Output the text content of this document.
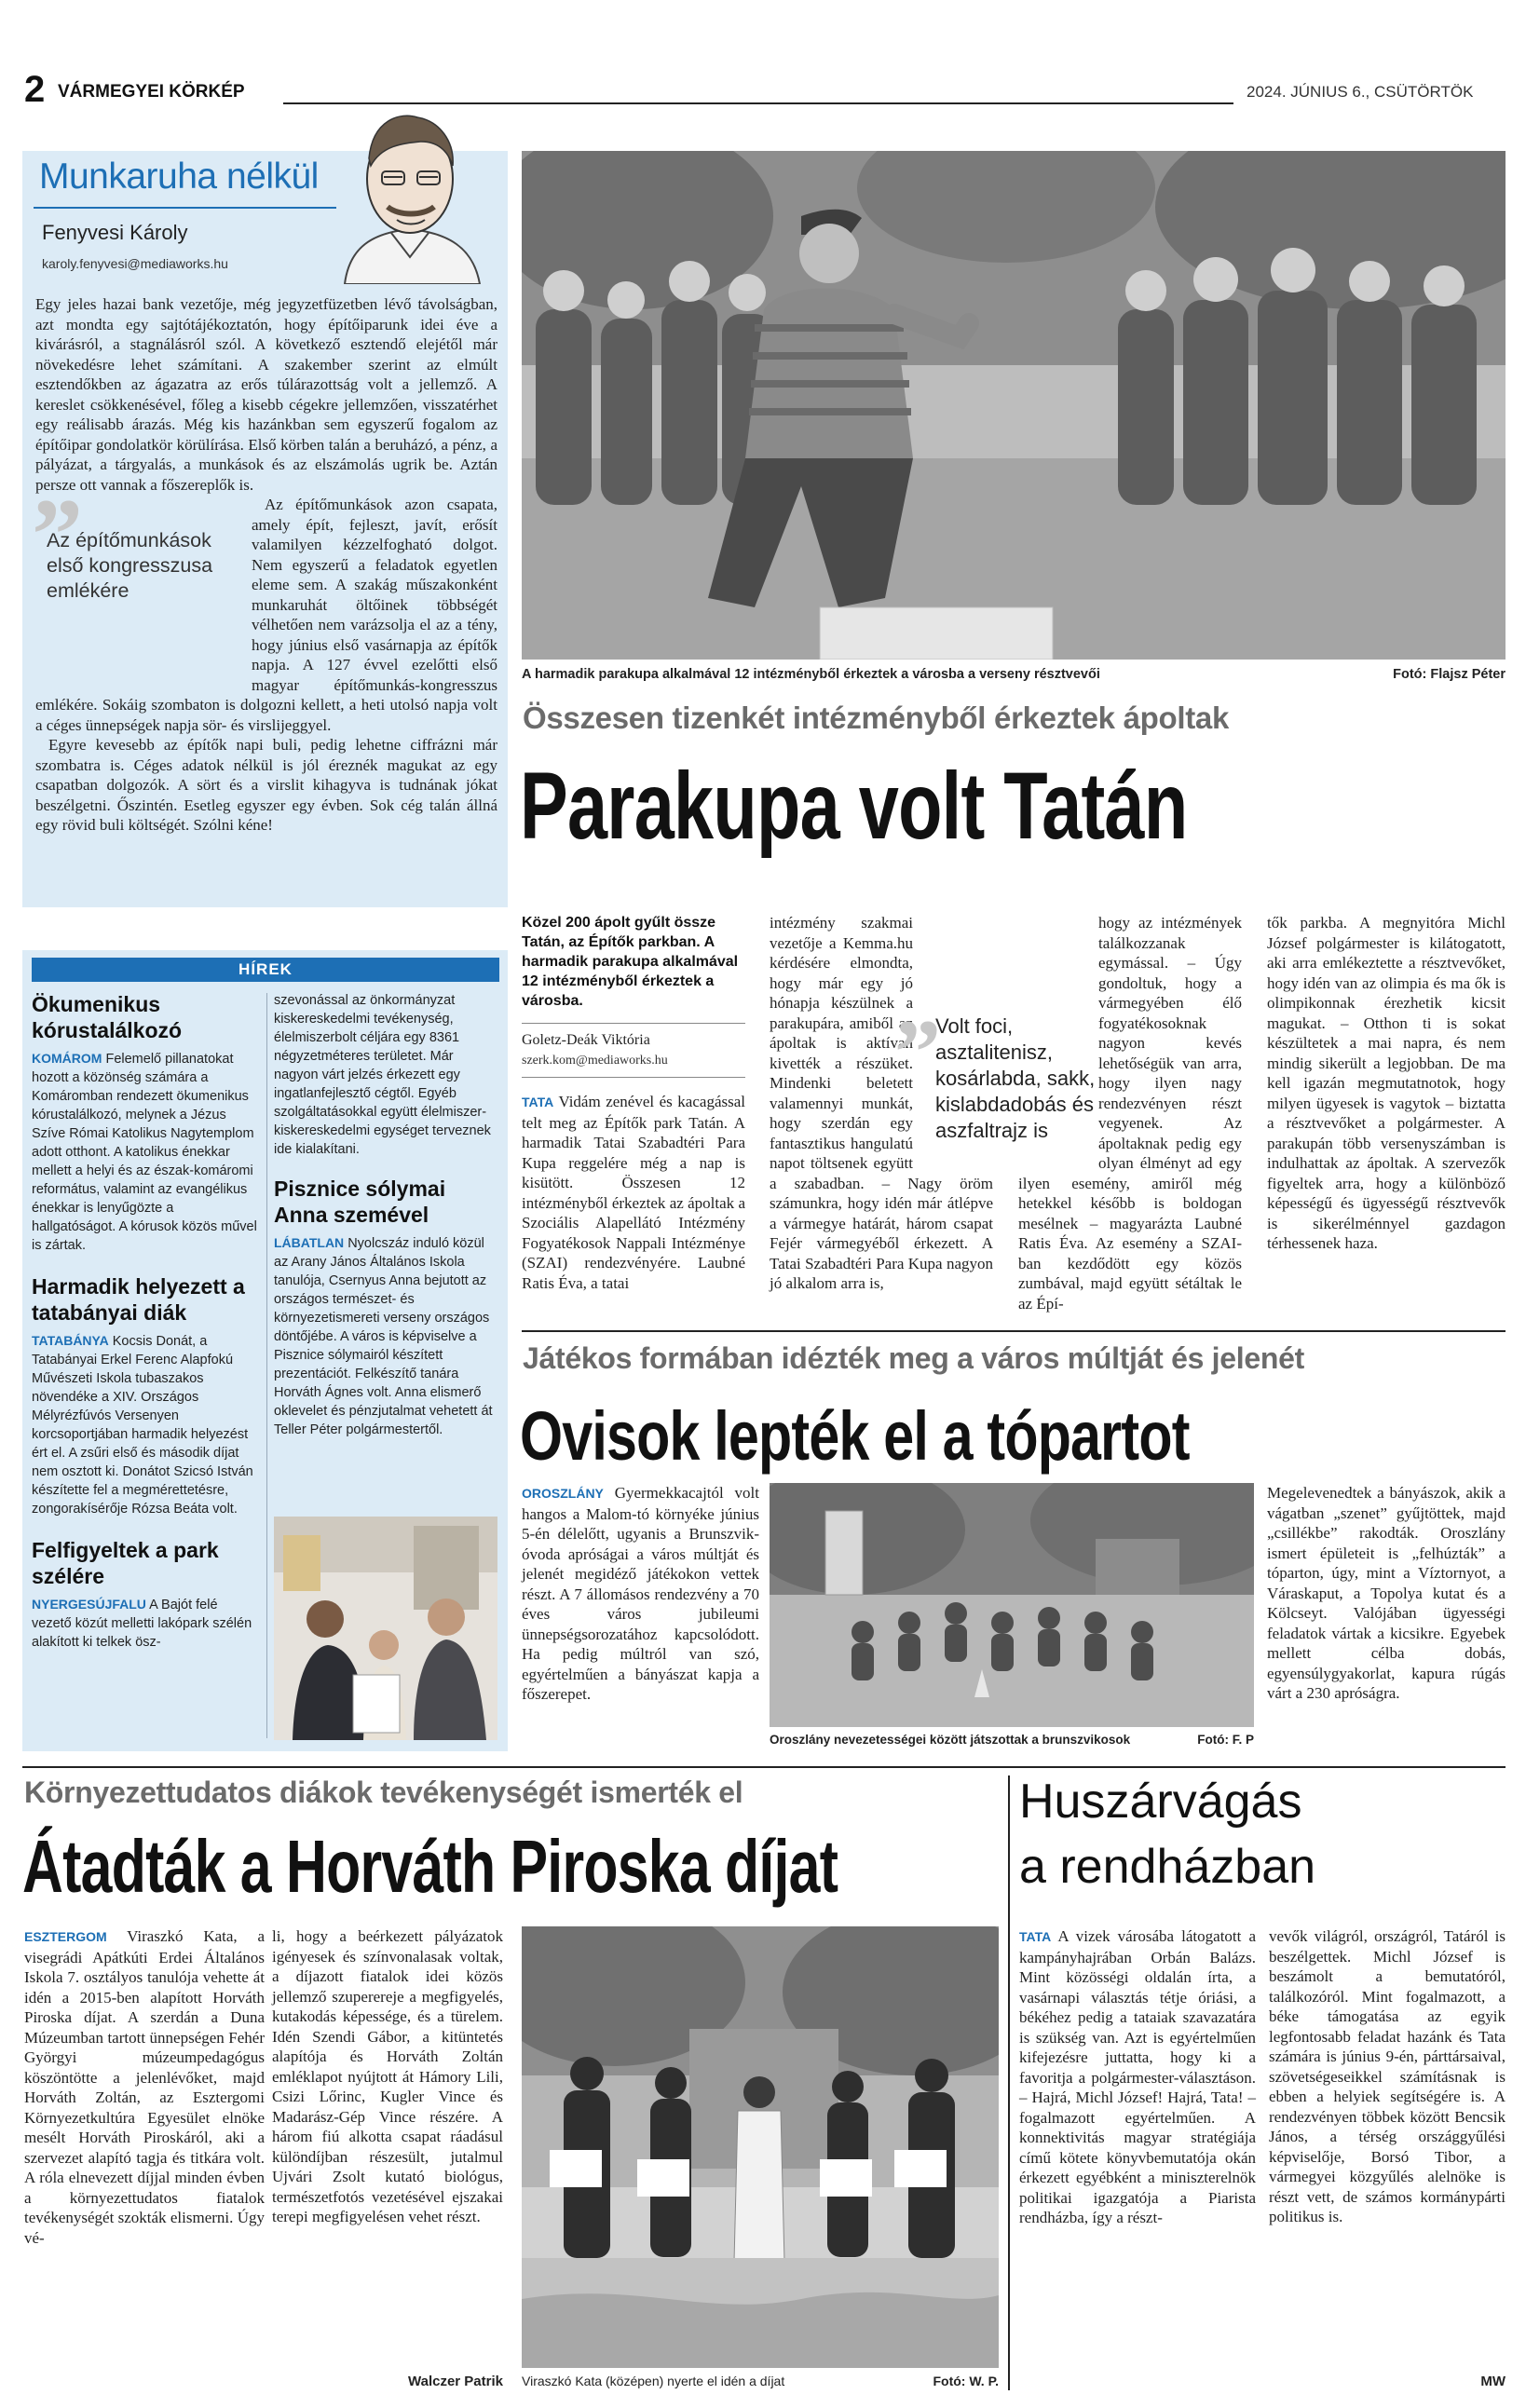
2 VÁRMEGYEI KÖRKÉP	2024. JÚNIUS 6., CSÜTÖRTÖK
Munkaruha nélkül
Fenyvesi Károly
karoly.fenyvesi@mediaworks.hu

Egy jeles hazai bank vezetője, még jegyzetfüzetben lévő távolságban, azt mondta egy sajtótájékoztatón, hogy építőiparunk idei éve a kivárásról, a stagnálásról szól. A következő esztendő elejétől már növekedésre lehet számítani. A szakember szerint az elmúlt esztendőkben az ágazatra az erős túlárazottság volt a jellemző. A kereslet csökkenésével, főleg a kisebb cégekre jellemzően, visszatérhet egy reálisabb árazás. Még kis hazánkban sem egyszerű fogalom az építőipar gondolatkör körülírása. Első körben talán a beruházó, a pénz, a pályázat, a tárgyalás, a munkások és az elszámolás ugrik be. Aztán persze ott vannak a főszereplők is.

”
Az építőmunkások első kongresszusa emlékére

Az építőmunkások azon csapata, amely épít, fejleszt, javít, erősít valamilyen kézzelfogható dolgot. Nem egyszerű a feladatok egyetlen eleme sem. A szakág műszakonként munkaruhát öltőinek többségét vélhetően nem varázsolja el az a tény, hogy június első vasárnapja az építők napja. A 127 évvel ezelőtti első magyar építőmunkás-kongresszus emlékére. Sokáig szombaton is dolgozni kellett, a heti utolsó napja volt a céges ünnepségek napja sör- és virslijeggyel.

Egyre kevesebb az építők napi buli, pedig lehetne ciffrázni már szombatra is. Céges adatok nélkül is jól éreznék magukat az egy csapatban dolgozók. A sört és a virslit kihagyva is tudnának jókat beszélgetni. Őszintén. Esetleg egyszer egy évben. Sok cég talán állná egy rövid buli költségét. Szólni kéne!

HÍREK
Ökumenikus kórustalálkozó
KOMÁROM Felemelő pillanatokat hozott a közönség számára a Komáromban rendezett ökumenikus kórustalálkozó, melynek a Jézus Szíve Római Katolikus Nagytemplom adott otthont. A katolikus énekkar mellett a helyi és az észak-komáromi református, valamint az evangélikus énekkar is lenyűgözte a hallgatóságot. A kórusok közös művel is zártak.
Harmadik helyezett a tatabányai diák
TATABÁNYA Kocsis Donát, a Tatabányai Erkel Ferenc Alapfokú Művészeti Iskola tubaszakos növendéke a XIV. Országos Mélyrézfúvós Versenyen korcsoportjában harmadik helyezést ért el. A zsűri első és második díjat nem osztott ki. Donátot Szicsó István készítette fel a megmérettetésre, zongorakísérője Rózsa Beáta volt.
Felfigyeltek a park szélére
NYERGESÚJFALU A Bajót felé vezető közút melletti lakópark szélén alakított ki telkek ösz-
szevonással az önkormányzat kiskereskedelmi tevékenység, élelmiszerbolt céljára egy 8361 négyzetméteres területet. Már nagyon várt jelzés érkezett egy ingatlanfejlesztő cégtől. Egyéb szolgáltatásokkal együtt élelmiszer-kiskereskedelmi egységet terveznek ide kialakítani.
Pisznice sólymai Anna szemével
LÁBATLAN Nyolcszáz induló közül az Arany János Általános Iskola tanulója, Csernyus Anna bejutott az országos természet- és környezetismereti verseny országos döntőjébe. A város is képviselve a Pisznice sólymairól készített prezentációt. Felkészítő tanára Horváth Ágnes volt. Anna elismerő oklevelet és pénzjutalmat vehetett át Teller Péter polgármestertől.
A harmadik parakupa alkalmával 12 intézményből érkeztek a városba a verseny résztvevői	Fotó: Flajsz Péter
Összesen tizenkét intézményből érkeztek ápoltak
Parakupa volt Tatán
Közel 200 ápolt gyűlt össze Tatán, az Építők parkban. A harmadik parakupa alkalmával 12 intézményből érkeztek a városba.
Goletz-Deák Viktória
szerk.kom@mediaworks.hu
TATA Vidám zenével és kacagással telt meg az Építők park Tatán. A harmadik Tatai Szabadtéri Para Kupa reggelére még a nap is kisütött. Összesen 12 intézményből érkeztek az ápoltak a Szociális Alapellátó Intézmény Fogyatékosok Nappali Intézménye (SZAI) rendezvényére. Laubné Ratis Éva, a tatai
intézmény szakmai vezetője a Kemma.hu kérdésére elmondta, hogy már egy jó hónapja készülnek a parakupára, amiből az ápoltak is aktívan kivették a részüket. Mindenki beletett valamennyi munkát, hogy szerdán egy fantasztikus hangulatú napot töltsenek együtt a szabadban. – Nagy öröm számunkra, hogy idén már átlépve a vármegye határát, három csapat Fejér vármegyéből érkezett. A Tatai Szabadtéri Para Kupa nagyon jó alkalom arra is,
hogy az intézmények találkozzanak egymással. – Úgy gondoltuk, hogy a vármegyében élő fogyatékosoknak nagyon kevés lehetőségük van arra, hogy ilyen nagy rendezvényen részt vegyenek. Az ápoltaknak pedig egy olyan élményt ad egy ilyen esemény, amiről még hetekkel később is boldogan mesélnek – magyarázta Laubné Ratis Éva. Az esemény a SZAI-ban kezdődött egy közös zumbával, majd együtt sétáltak le az Épí-
tők parkba. A megnyitóra Michl József polgármester is kilátogatott, aki arra emlékeztette a résztvevőket, hogy idén van az olimpia és ma ők is olimpikonnak érezhetik kicsit magukat. – Otthon ti is sokat készültetek a mai napra, és nem mindig sikerült a legjobban. De ma kell igazán megmutatnotok, hogy milyen ügyesek is vagytok – biztatta a résztvevőket a polgármester. A parakupán több versenyszámban is indulhattak az ápoltak. A szervezők figyeltek arra, hogy a különböző képességű és ügyességű résztvevők is sikerélménnyel gazdagon térhessenek haza.
”
Volt foci, asztalitenisz, kosárlabda, sakk, kislabdadobás és aszfaltrajz is
Játékos formában idézték meg a város múltját és jelenét
Ovisok lepték el a tópartot
OROSZLÁNY Gyermekkacajtól volt hangos a Malom-tó környéke június 5-én délelőtt, ugyanis a Brunszvik-óvoda apróságai a város múltját és jelenét megidéző játékokon vettek részt. A 7 állomásos rendezvény a 70 éves város jubileumi ünnepségsorozatához kapcsolódott. Ha pedig múltról van szó, egyértelműen a bányászat kapja a főszerepet.
Oroszlány nevezetességei között játszottak a brunszvikosok	Fotó: F. P
Megelevenedtek a bányászok, akik a vágatban „szenet” gyűjtöttek, majd „csillékbe” rakodták. Oroszlány ismert épületeit is „felhúzták” a tóparton, úgy, mint a Víztornyot, a Váraskaput, a Topolya kutat és a Kölcseyt. Valójában ügyességi feladatok vártak a kicsikre. Egyebek mellett célba dobás, egyensúlygyakorlat, kapura rúgás várt a 230 apróságra.
Környezettudatos diákok tevékenységét ismerték el
Átadták a Horváth Piroska díjat
ESZTERGOM Viraszkó Kata, a visegrádi Apátkúti Erdei Általános Iskola 7. osztályos tanulója vehette át idén a 2015-ben alapított Horváth Piroska díjat. A szerdán a Duna Múzeumban tartott ünnepségen Fehér Györgyi múzeumpedagógus köszöntötte a jelenlévőket, majd Horváth Zoltán, az Esztergomi Környezetkultúra Egyesület elnöke mesélt Horváth Piroskáról, aki a szervezet alapító tagja és titkára volt. A róla elnevezett díjjal minden évben a környezettudatos fiatalok tevékenységét szokták elismerni. Úgy vé-
li, hogy a beérkezett pályázatok igényesek és színvonalasak voltak, a díjazott fiatalok idei közös jellemző szuperereje a megfigyelés, kutakodás képessége, és a türelem. Idén Szendi Gábor, a kitüntetés alapítója és Horváth Zoltán emléklapot nyújtott át Hámory Lili, Csizi Lőrinc, Kugler Vince és Madarász-Gép Vince részére. A három fiú alkotta csapat ráadásul különdíjban részesült, jutalmul Ujvári Zsolt kutató biológus, természetfotós vezetésével ejszakai terepi megfigyelésen vehet részt.
Walczer Patrik Viraszkó Kata (középen) nyerte el idén a díjat	Fotó: W. P.
Huszárvágás
a rendházban
TATA A vizek városába látogatott a kampányhajrában Orbán Balázs. Mint közösségi oldalán írta, a vasárnapi választás tétje óriási, a békéhez pedig a tataiak szavazatára is szükség van. Azt is egyértelműen kifejezésre juttatta, hogy ki a favoritja a polgármester-választáson. – Hajrá, Michl József! Hajrá, Tata! – fogalmazott egyértelműen. A konnektivitás magyar stratégiája című kötete könyvbemutatója okán érkezett egyébként a miniszterelnök politikai igazgatója a Piarista rendházba, így a részt-
vevők világról, országról, Tatáról is beszélgettek. Michl József is beszámolt a bemutatóról, találkozóról. Mint fogalmazott, a béke támogatása az egyik legfontosabb feladat hazánk és Tata számára is június 9-én, párttársaival, szövetségeseikkel számításnak is ebben a helyiek segítségére is. A rendezvényen többek között Bencsik János, a térség országgyűlési képviselője, Borsó Tibor, a vármegyei közgyűlés alelnöke is részt vett, de számos kormánypárti politikus is.
MW
